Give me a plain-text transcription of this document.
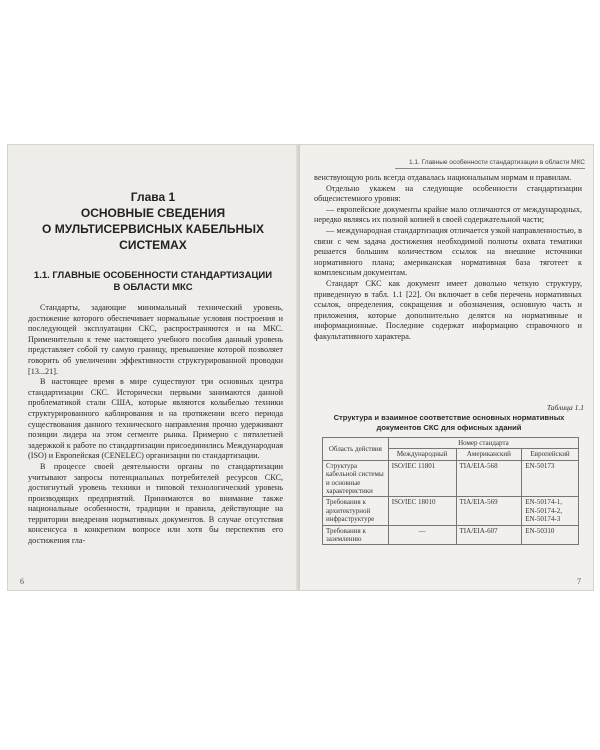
Глава 1
ОСНОВНЫЕ СВЕДЕНИЯ
О МУЛЬТИСЕРВИСНЫХ КАБЕЛЬНЫХ
СИСТЕМАХ
1.1. ГЛАВНЫЕ ОСОБЕННОСТИ СТАНДАРТИЗАЦИИ
В ОБЛАСТИ МКС

Стандарты, задающие минимальный технический уровень, достижение которого обеспечивает нормальные условия построения и последующей эксплуатации СКС, распространяются и на МКС. Применительно к теме настоящего учебного пособия данный уровень представляет собой ту самую границу, превышение которой позволяет говорить об увеличении эффективности структурированной проводки [13...21].

В настоящее время в мире существуют три основных центра стандартизации СКС. Исторически первыми занимаются данной проблематикой стали США, которые являются колыбелью техники структурированного каблирования и на протяжении всего периода существования данного технического направления прочно удерживают позиции лидера на этом сегменте рынка. Примерно с пятилетней задержкой к работе по стандартизации присоединились Международная (ISO) и Европейская (CENELEC) организации по стандартизации.

В процессе своей деятельности органы по стандартизации учитывают запросы потенциальных потребителей ресурсов СКС, достигнутый уровень техники и типовой технологический уровень производящих предприятий. Принимаются во внимание также национальные особенности, традиции и правила, действующие на территории внедрения нормативных документов. В случае отсутствия консенсуса в конкретном вопросе или хотя бы перспектив его достижения гла-

6
1.1. Главные особенности стандартизации в области МКС

венствующую роль всегда отдавалась национальным нормам и правилам.

Отдельно укажем на следующие особенности стандартизации общесистемного уровня:

— европейские документы крайне мало отличаются от международных, нередко являясь их полной копией в своей содержательной части;

— международная стандартизация отличается узкой направленностью, в связи с чем задача достижения необходимой полноты охвата тематики решается большим количеством ссылок на внешние источники нормативного плана; американская нормативная база тяготеет к комплексным документам.

Стандарт СКС как документ имеет довольно четкую структуру, приведенную в табл. 1.1 [22]. Он включает в себя перечень нормативных ссылок, определения, сокращения и обозначения, основную часть и приложения, которые дополнительно делятся на нормативные и информационные. Последние содержат информацию справочного и факультативного характера.

Таблица 1.1
Структура и взаимное соответствие основных нормативных
документов СКС для офисных зданий
Область действия	Номер стандарта		
	Международный	Американский	Европейский
Структура кабельной системы и основные характеристики	ISO/IEC 11801	TIA/EIA-568	EN-50173
Требования к архитектурной инфраструктуре	ISO/IEC 18010	TIA/EIA-569	EN-50174-1, EN-50174-2, EN-50174-3
Требования к заземлению	—	TIA/EIA-607	EN-50310
7
